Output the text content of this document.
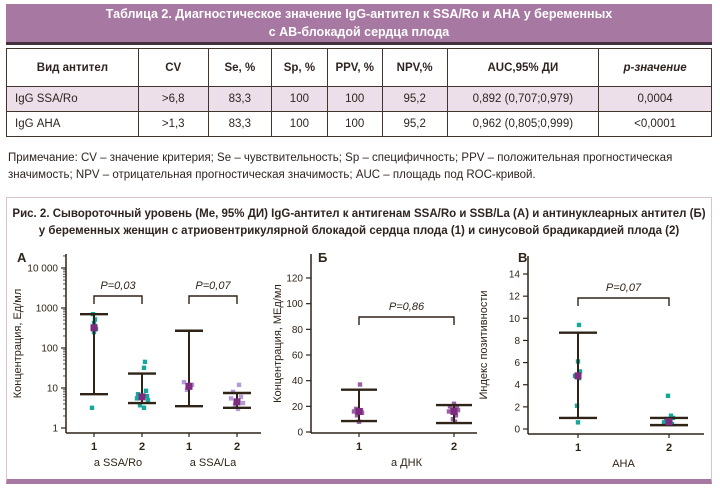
Таблица 2. Диагностическое значение IgG-антител к SSA/Ro и АНА у беременных
с АВ-блокадой сердца плода
Вид антител	CV	Se, %	Sp, %	PPV, %	NPV,%	AUC,95% ДИ	p-значение
IgG SSA/Ro	>6,8	83,3	100	100	95,2	0,892 (0,707;0,979)	0,0004
IgG АНА	>1,3	83,3	100	100	95,2	0,962 (0,805;0,999)	<0,0001
Примечание: CV – значение критерия; Se – чувствительность; Sp – специфичность; PPV – положительная прогностическая значимость; NPV – отрицательная прогностическая значимость; AUC – площадь под ROC-кривой.
Рис. 2. Сывороточный уровень (Ме, 95% ДИ) IgG-антител к антигенам SSA/Ro и SSB/La (А) и антинуклеарных антител (Б)
у беременных женщин с атриовентрикулярной блокадой сердца плода (1) и синусовой брадикардией плода (2)
1
10
100
1000
10 000
1	2	1	2
P=0,03	P=0,07
а SSA/Ro	а SSA/La
А
Концентрация, Ед/мл
0
20
40
60
80
100
120
1	2
P=0,86
а ДНК
Б
Концентрация, МЕд/мл
0
2
4
6
8
10
12
14
1	2
P=0,07
АНА
В
Индекс позитивности
